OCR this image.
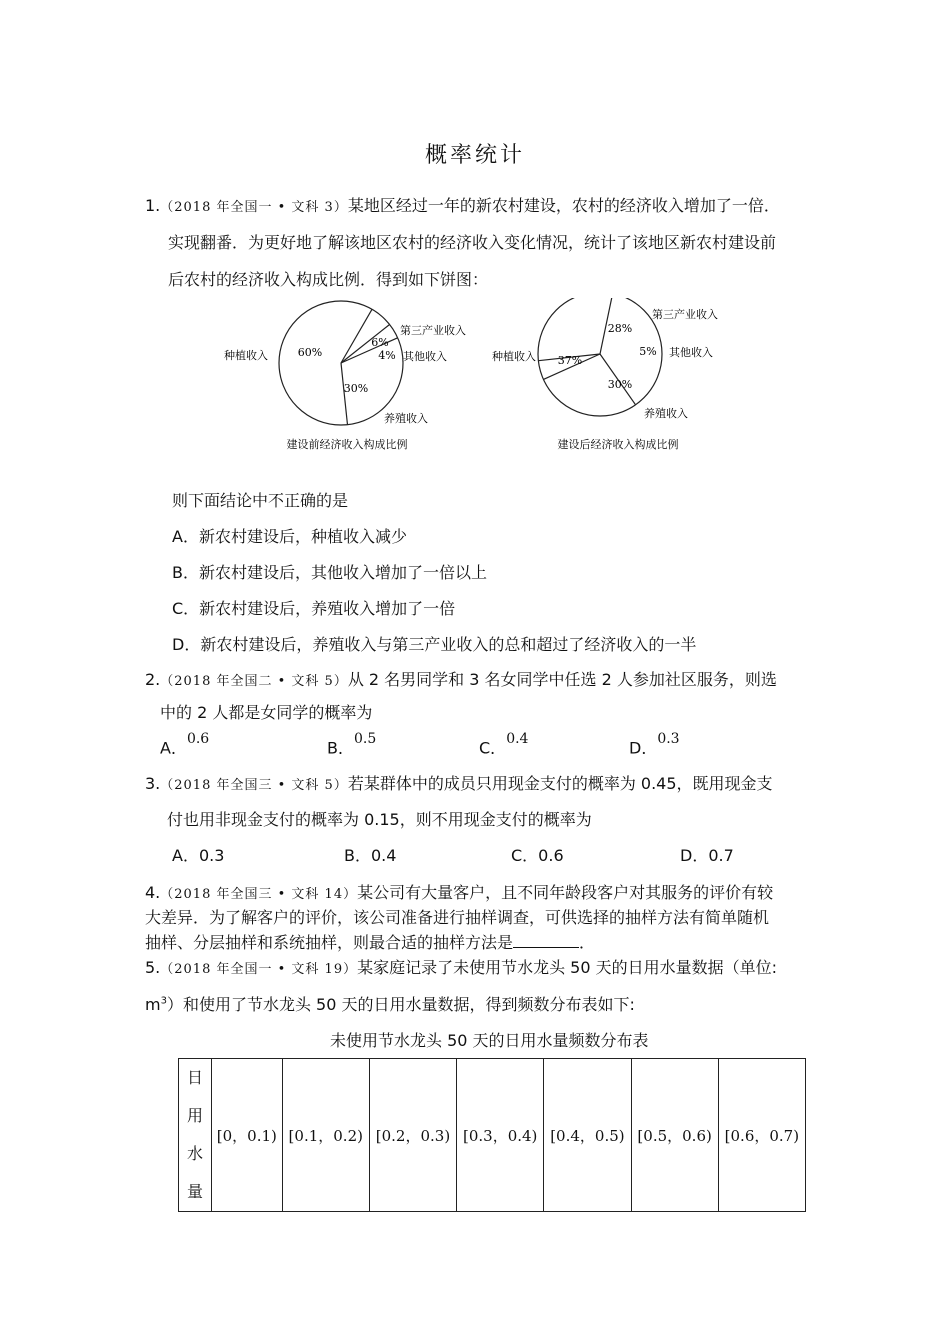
概率统计
1.（2018 年全国一 • 文科 3）某地区经过一年的新农村建设，农村的经济收入增加了一倍．
实现翻番．为更好地了解该地区农村的经济收入变化情况，统计了该地区新农村建设前
后农村的经济收入构成比例．得到如下饼图：
60%
6%
4%
30%
种植收入
第三产业收入
其他收入
养殖收入
建设前经济收入构成比例
37%
28%
5%
30%
种植收入
第三产业收入
其他收入
养殖收入
建设后经济收入构成比例
则下面结论中不正确的是
A．新农村建设后，种植收入减少
B．新农村建设后，其他收入增加了一倍以上
C．新农村建设后，养殖收入增加了一倍
D．新农村建设后，养殖收入与第三产业收入的总和超过了经济收入的一半
2.（2018 年全国二 • 文科 5）从 2 名男同学和 3 名女同学中任选 2 人参加社区服务，则选
中的 2 人都是女同学的概率为
A．$^{0.6}$	B．$^{0.5}$	C．$^{0.4}$	D．$^{0.3}$
3.（2018 年全国三 • 文科 5）若某群体中的成员只用现金支付的概率为 0.45，既用现金支
付也用非现金支付的概率为 0.15，则不用现金支付的概率为
A．0.3	B．0.4	C．0.6	D．0.7
4.（2018 年全国三 • 文科 14）某公司有大量客户，且不同年龄段客户对其服务的评价有较
大差异．为了解客户的评价，该公司准备进行抽样调查，可供选择的抽样方法有简单随机
抽样、分层抽样和系统抽样，则最合适的抽样方法是	．
5.（2018 年全国一 • 文科 19）某家庭记录了未使用节水龙头 50 天的日用水量数据（单位:
$m^3$）和使用了节水龙头 50 天的日用水量数据，得到频数分布表如下:
未使用节水龙头 50 天的日用水量频数分布表
日
用
水
量
	[0，0.1)	[0.1，0.2)	[0.2，0.3)	[0.3，0.4)	[0.4，0.5)	[0.5，0.6)	[0.6，0.7)
